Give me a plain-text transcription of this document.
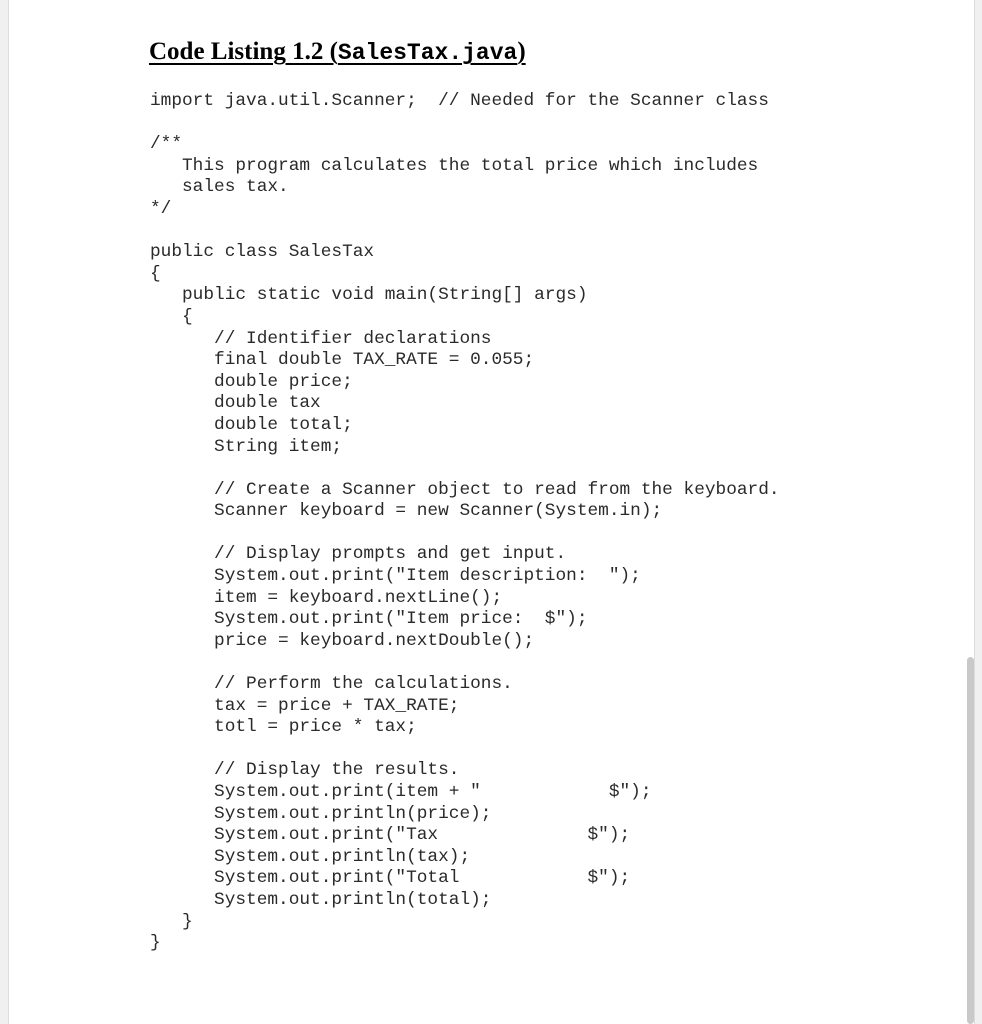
Code Listing 1.2 (SalesTax.java)
import java.util.Scanner;  // Needed for the Scanner class
/**
This program calculates the total price which includes
sales tax.
*/
public class SalesTax
{
public static void main(String[] args)
{
// Identifier declarations
final double TAX_RATE = 0.055;
double price;
double tax
double total;
String item;
// Create a Scanner object to read from the keyboard.
Scanner keyboard = new Scanner(System.in);
// Display prompts and get input.
System.out.print("Item description:  ");
item = keyboard.nextLine();
System.out.print("Item price:  $");
price = keyboard.nextDouble();
// Perform the calculations.
tax = price + TAX_RATE;
totl = price * tax;
// Display the results.
System.out.print(item + "            $");
System.out.println(price);
System.out.print("Tax              $");
System.out.println(tax);
System.out.print("Total            $");
System.out.println(total);
}
}
